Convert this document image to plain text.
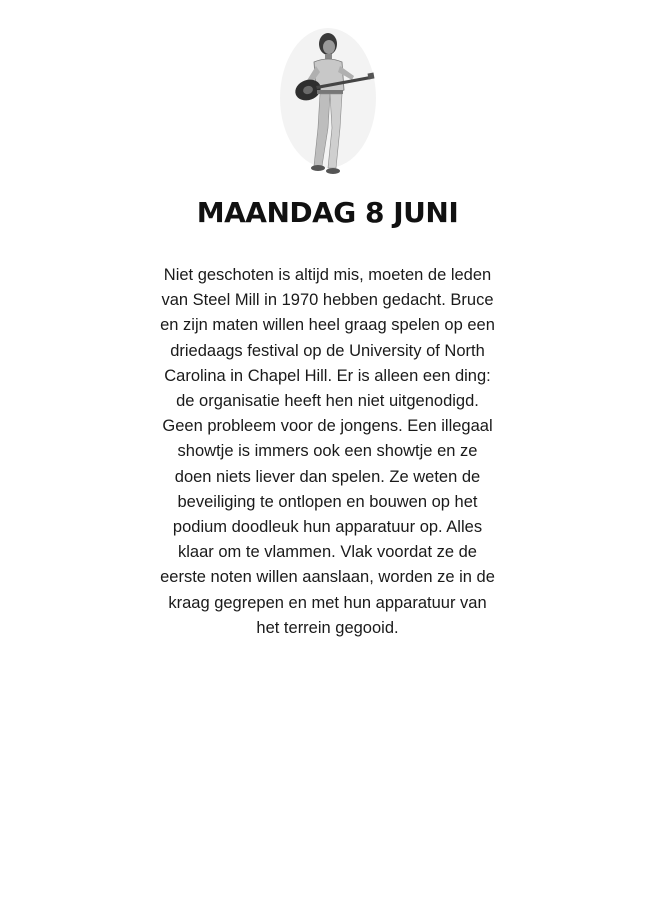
MAANDAG 8 JUNI

Niet geschoten is altijd mis, moeten de leden
van Steel Mill in 1970 hebben gedacht. Bruce
en zijn maten willen heel graag spelen op een
driedaags festival op de University of North
Carolina in Chapel Hill. Er is alleen een ding:
de organisatie heeft hen niet uitgenodigd.
Geen probleem voor de jongens. Een illegaal
showtje is immers ook een showtje en ze
doen niets liever dan spelen. Ze weten de
beveiliging te ontlopen en bouwen op het
podium doodleuk hun apparatuur op. Alles
klaar om te vlammen. Vlak voordat ze de
eerste noten willen aanslaan, worden ze in de
kraag gegrepen en met hun apparatuur van
het terrein gegooid.
